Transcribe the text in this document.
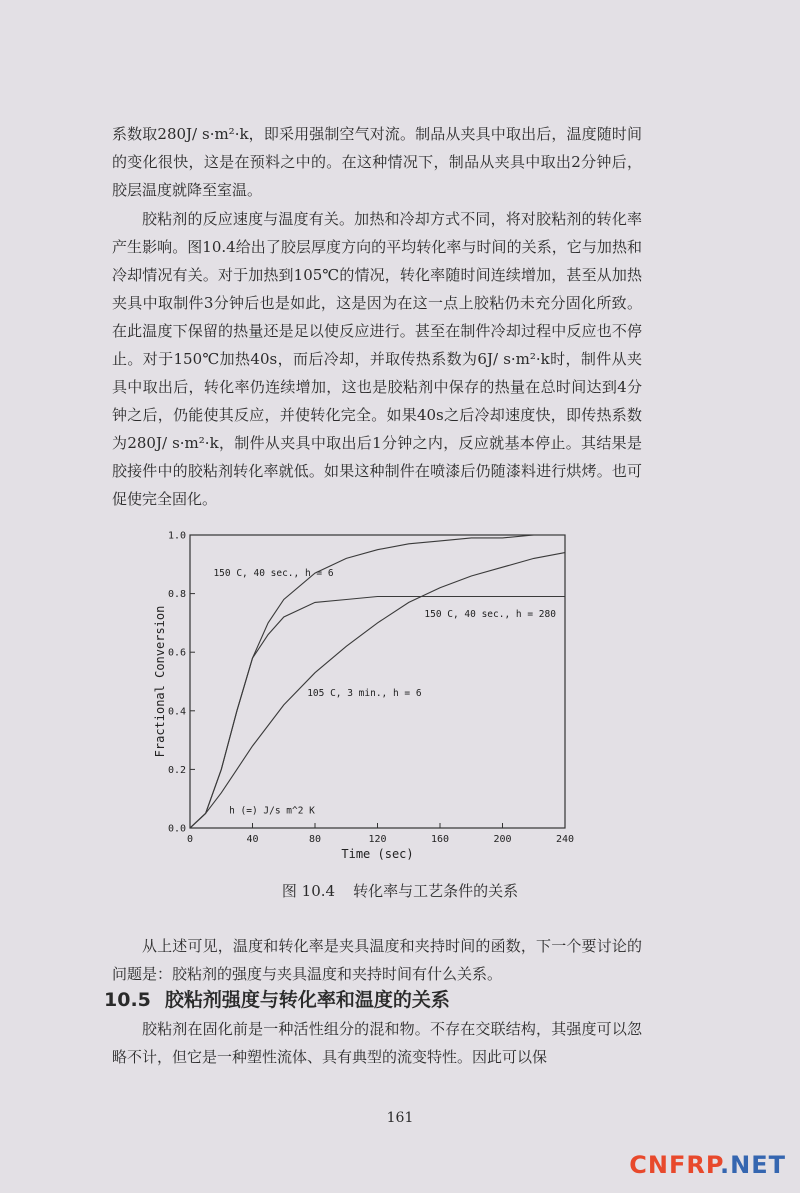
系数取280J/ s·m²·k，即采用强制空气对流。制品从夹具中取出后，温度随时间的变化很快，这是在预料之中的。在这种情况下，制品从夹具中取出2分钟后，胶层温度就降至室温。

胶粘剂的反应速度与温度有关。加热和冷却方式不同，将对胶粘剂的转化率产生影响。图10.4给出了胶层厚度方向的平均转化率与时间的关系，它与加热和冷却情况有关。对于加热到105℃的情况，转化率随时间连续增加，甚至从加热夹具中取制件3分钟后也是如此，这是因为在这一点上胶粘仍未充分固化所致。在此温度下保留的热量还是足以使反应进行。甚至在制件冷却过程中反应也不停止。对于150℃加热40s，而后冷却，并取传热系数为6J/ s·m²·k时，制件从夹具中取出后，转化率仍连续增加，这也是胶粘剂中保存的热量在总时间达到4分钟之后，仍能使其反应，并使转化完全。如果40s之后冷却速度快，即传热系数为280J/ s·m²·k，制件从夹具中取出后1分钟之内，反应就基本停止。其结果是胶接件中的胶粘剂转化率就低。如果这种制件在喷漆后仍随漆料进行烘烤。也可促使完全固化。

0	40	80	120	160	200	240
0.0
0.2
0.4
0.6
0.8
1.0
Time (sec)
Fractional Conversion
150 C, 40 sec., h = 6
150 C, 40 sec., h = 280
105 C, 3 min., h = 6
h (=) J/s m^2 K
图 10.4 转化率与工艺条件的关系

从上述可见，温度和转化率是夹具温度和夹持时间的函数，下一个要讨论的问题是：胶粘剂的强度与夹具温度和夹持时间有什么关系。

10.5 胶粘剂强度与转化率和温度的关系

胶粘剂在固化前是一种活性组分的混和物。不存在交联结构，其强度可以忽略不计，但它是一种塑性流体、具有典型的流变特性。因此可以保

161
CNFRP.NET
